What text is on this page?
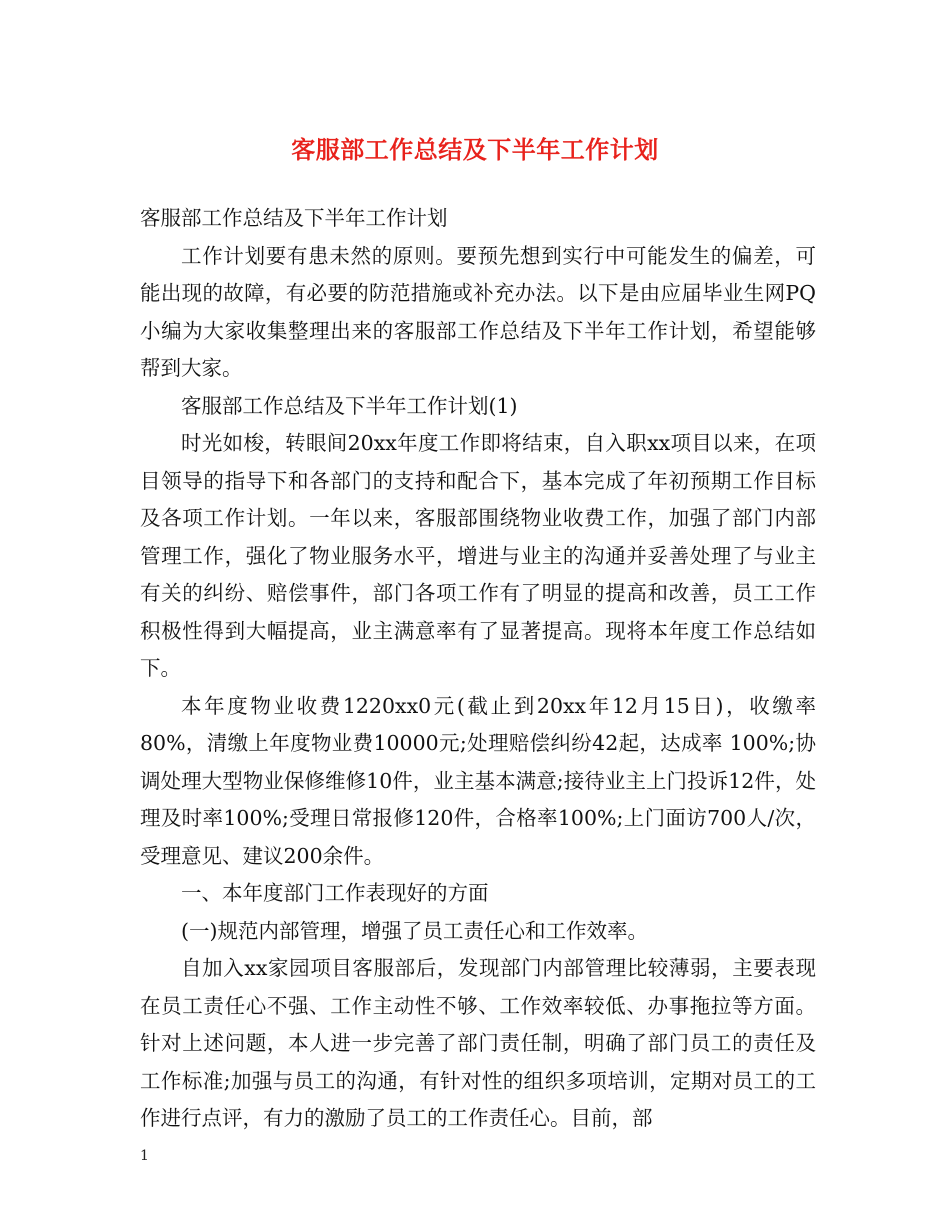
客服部工作总结及下半年工作计划

客服部工作总结及下半年工作计划

工作计划要有患未然的原则。要预先想到实行中可能发生的偏差，可能出现的故障，有必要的防范措施或补充办法。以下是由应届毕业生网PQ小编为大家收集整理出来的客服部工作总结及下半年工作计划，希望能够帮到大家。

客服部工作总结及下半年工作计划(1)

时光如梭，转眼间20xx年度工作即将结束，自入职xx项目以来，在项目领导的指导下和各部门的支持和配合下，基本完成了年初预期工作目标及各项工作计划。一年以来，客服部围绕物业收费工作，加强了部门内部管理工作，强化了物业服务水平，增进与业主的沟通并妥善处理了与业主有关的纠纷、赔偿事件，部门各项工作有了明显的提高和改善，员工工作积极性得到大幅提高，业主满意率有了显著提高。现将本年度工作总结如下。

本年度物业收费1220xx0元(截止到20xx年12月15日)，收缴率80%，清缴上年度物业费10000元;处理赔偿纠纷42起，达成率 100%;协调处理大型物业保修维修10件，业主基本满意;接待业主上门投诉12件，处理及时率100%;受理日常报修120件，合格率100%;上门面访700人/次，受理意见、建议200余件。

一、本年度部门工作表现好的方面

(一)规范内部管理，增强了员工责任心和工作效率。

自加入xx家园项目客服部后，发现部门内部管理比较薄弱，主要表现在员工责任心不强、工作主动性不够、工作效率较低、办事拖拉等方面。针对上述问题，本人进一步完善了部门责任制，明确了部门员工的责任及工作标准;加强与员工的沟通，有针对性的组织多项培训，定期对员工的工作进行点评，有力的激励了员工的工作责任心。目前，部

1
